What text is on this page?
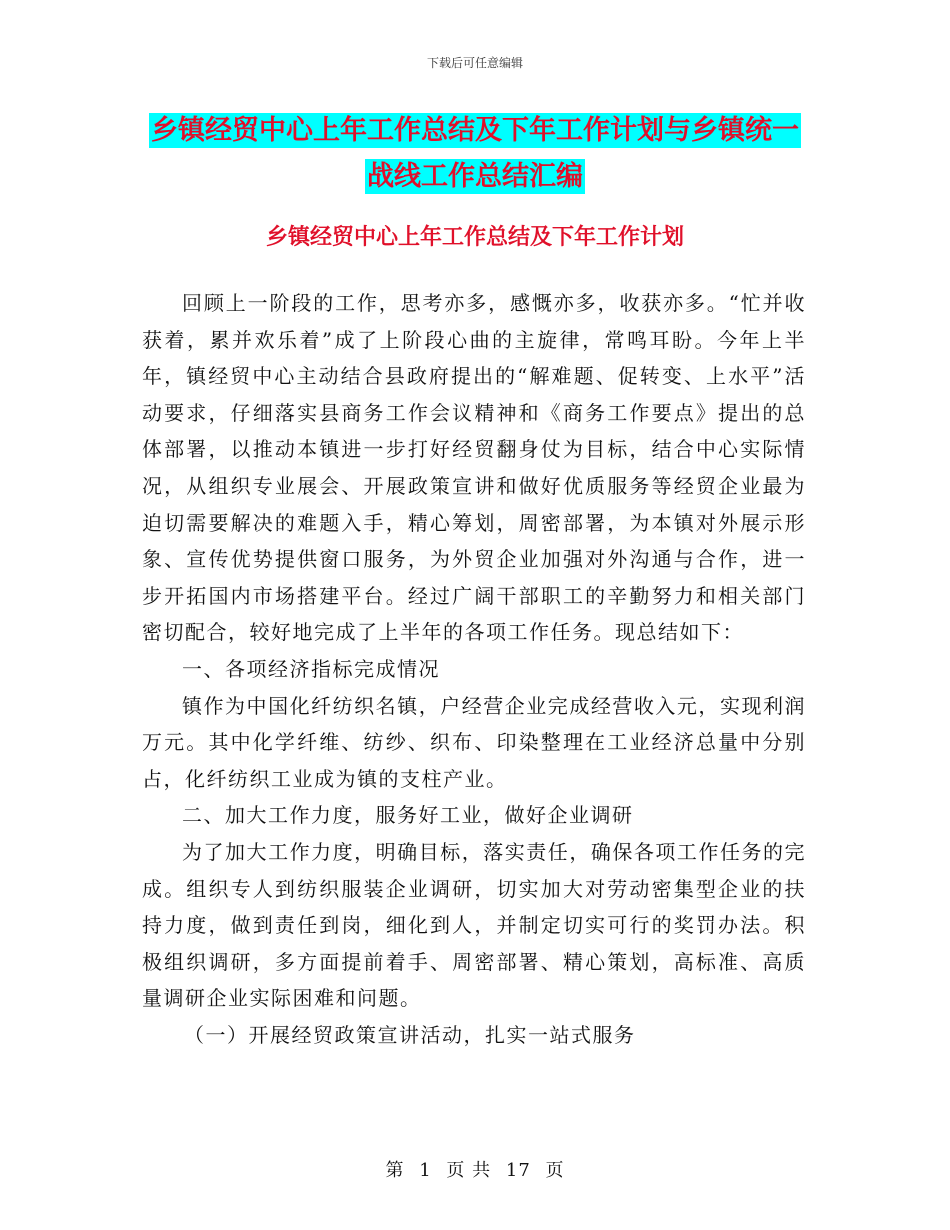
下载后可任意编辑
乡镇经贸中心上年工作总结及下年工作计划与乡镇统一战线工作总结汇编
乡镇经贸中心上年工作总结及下年工作计划

回顾上一阶段的工作，思考亦多，感慨亦多，收获亦多。“忙并收获着，累并欢乐着”成了上阶段心曲的主旋律，常鸣耳盼。今年上半年，镇经贸中心主动结合县政府提出的“解难题、促转变、上水平”活动要求，仔细落实县商务工作会议精神和《商务工作要点》提出的总体部署，以推动本镇进一步打好经贸翻身仗为目标，结合中心实际情况，从组织专业展会、开展政策宣讲和做好优质服务等经贸企业最为迫切需要解决的难题入手，精心筹划，周密部署，为本镇对外展示形象、宣传优势提供窗口服务，为外贸企业加强对外沟通与合作，进一步开拓国内市场搭建平台。经过广阔干部职工的辛勤努力和相关部门密切配合，较好地完成了上半年的各项工作任务。现总结如下：

一、各项经济指标完成情况

镇作为中国化纤纺织名镇，户经营企业完成经营收入元，实现利润万元。其中化学纤维、纺纱、织布、印染整理在工业经济总量中分别占，化纤纺织工业成为镇的支柱产业。

二、加大工作力度，服务好工业，做好企业调研

为了加大工作力度，明确目标，落实责任，确保各项工作任务的完成。组织专人到纺织服装企业调研，切实加大对劳动密集型企业的扶持力度，做到责任到岗，细化到人，并制定切实可行的奖罚办法。积极组织调研，多方面提前着手、周密部署、精心策划，高标准、高质量调研企业实际困难和问题。

（一）开展经贸政策宣讲活动，扎实一站式服务

第 1 页 共 17 页
